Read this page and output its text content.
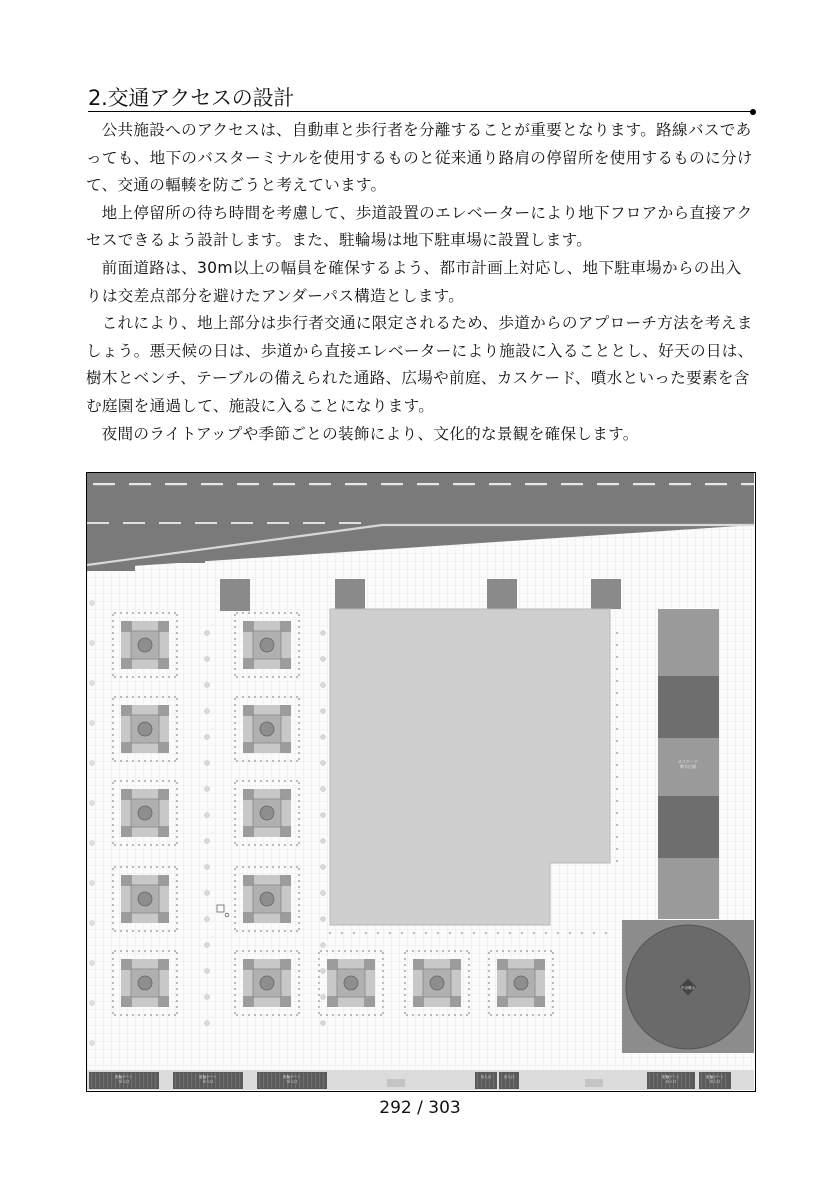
2.交通アクセスの設計

公共施設へのアクセスは、自動車と歩行者を分離することが重要となります。路線バスであっても、地下のバスターミナルを使用するものと従来通り路肩の停留所を使用するものに分けて、交通の輻輳を防ごうと考えています。

地上停留所の待ち時間を考慮して、歩道設置のエレベーターにより地下フロアから直接アクセスできるよう設計します。また、駐輪場は地下駐車場に設置します。

前面道路は、30m以上の幅員を確保するよう、都市計画上対応し、地下駐車場からの出入りは交差点部分を避けたアンダーパス構造とします。

これにより、地上部分は歩行者交通に限定されるため、歩道からのアプローチ方法を考えましょう。悪天候の日は、歩道から直接エレベーターにより施設に入ることとし、好天の日は、樹木とベンチ、テーブルの備えられた通路、広場や前庭、カスケード、噴水といった要素を含む庭園を通過して、施設に入ることになります。

夜間のライトアップや季節ごとの装飾により、文化的な景観を確保します。

カスケード噴水広場
中央噴水
駐輪ゲート出入口
駐輪ゲート出入口
駐輪ゲート出入口
出入口	出入口	駐輪ゲート出入口
駐輪ゲート出入口
292 / 303
